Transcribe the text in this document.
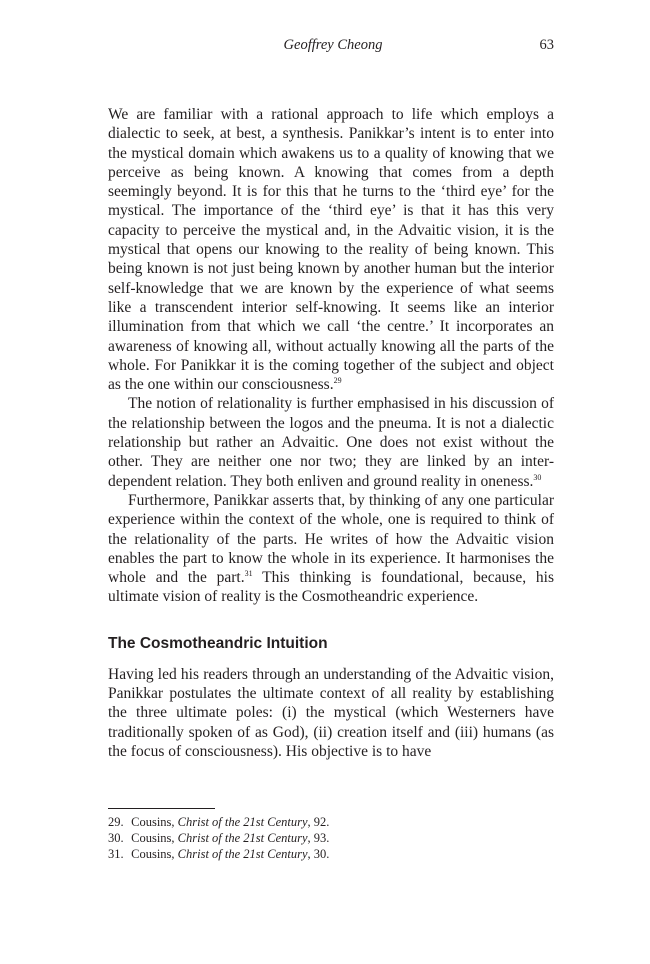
Geoffrey Cheong	63

We are familiar with a rational approach to life which employs a dialectic to seek, at best, a synthesis. Panikkar’s intent is to enter into the mystical domain which awakens us to a quality of knowing that we perceive as being known. A knowing that comes from a depth seemingly beyond. It is for this that he turns to the ‘third eye’ for the mystical. The importance of the ‘third eye’ is that it has this very capacity to perceive the mystical and, in the Advaitic vision, it is the mystical that opens our knowing to the reality of being known. This being known is not just being known by another human but the interior self-knowledge that we are known by the experience of what seems like a transcendent interior self-knowing. It seems like an interior illumination from that which we call ‘the centre.’ It incorporates an awareness of knowing all, without actually knowing all the parts of the whole. For Panikkar it is the coming together of the subject and object as the one within our consciousness.$^{29}$

The notion of relationality is further emphasised in his discussion of the relationship between the logos and the pneuma. It is not a dialectic relationship but rather an Advaitic. One does not exist without the other. They are neither one nor two; they are linked by an inter-dependent relation. They both enliven and ground reality in oneness.$^{30}$

Furthermore, Panikkar asserts that, by thinking of any one particular experience within the context of the whole, one is required to think of the relationality of the parts. He writes of how the Advaitic vision enables the part to know the whole in its experience. It harmonises the whole and the part.$^{31}$ This thinking is foundational, because, his ultimate vision of reality is the Cosmotheandric experience.

The Cosmotheandric Intuition

Having led his readers through an understanding of the Advaitic vision, Panikkar postulates the ultimate context of all reality by establishing the three ultimate poles: (i) the mystical (which Westerners have traditionally spoken of as God), (ii) creation itself and (iii) humans (as the focus of consciousness). His objective is to have

29. Cousins, Christ of the 21st Century, 92.
30. Cousins, Christ of the 21st Century, 93.
31. Cousins, Christ of the 21st Century, 30.
